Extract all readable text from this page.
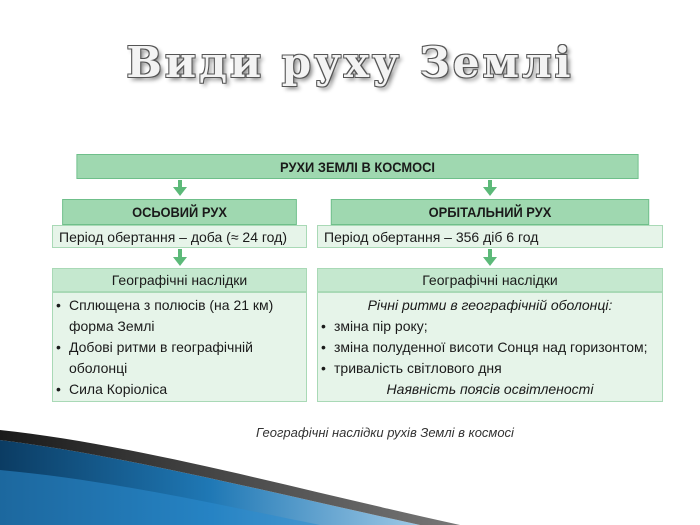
Види руху Землі
РУХИ ЗЕМЛІ В КОСМОСІ
ОСЬОВИЙ РУХ
Період обертання – доба (≈ 24 год)
Географічні наслідки
• Сплющена з полюсів (на 21 км)
форма Землі
• Добові ритми в географічній
оболонці
• Сила Коріоліса
ОРБІТАЛЬНИЙ РУХ
Період обертання – 356 діб 6 год
Географічні наслідки
Річні ритми в географічній оболонці:
• зміна пір року;
• зміна полуденної висоти Сонця над горизонтом;
• тривалість світлового дня
Наявність поясів освітленості
Географічні наслідки рухів Землі в космосі
